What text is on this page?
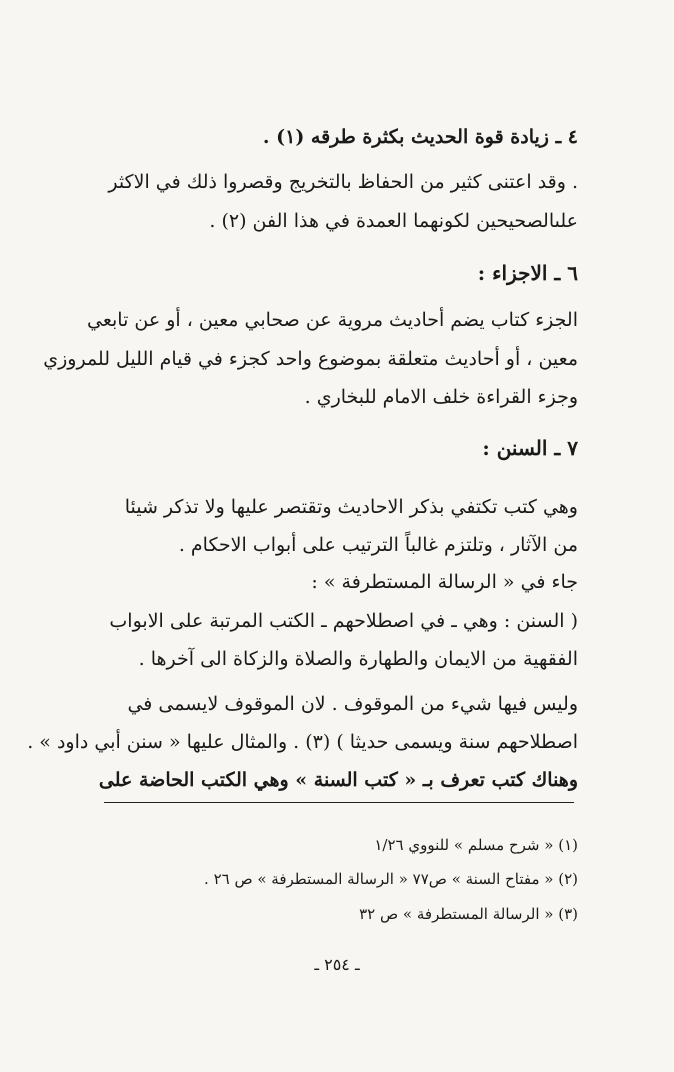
٤ ـ زيادة قوة الحديث بكثرة طرقه (١) .
. وقد اعتنى كثير من الحفاظ بالتخريج وقصروا ذلك في الاكثر
علىالصحيحين لكونهما العمدة في هذا الفن (٢) .
٦ ـ الاجزاء :
الجزء كتاب يضم أحاديث مروية عن صحابي معين ، أو عن تابعي
معين ، أو أحاديث متعلقة بموضوع واحد كجزء في قيام الليل للمروزي
وجزء القراءة خلف الامام للبخاري .
٧ ـ السنن :
وهي كتب تكتفي بذكر الاحاديث وتقتصر عليها ولا تذكر شيئا
من الآثار ، وتلتزم غالباً الترتيب على أبواب الاحكام .
جاء في « الرسالة المستطرفة » :
( السنن : وهي ـ في اصطلاحهم ـ الكتب المرتبة على الابواب
الفقهية من الايمان والطهارة والصلاة والزكاة الى آخرها .
وليس فيها شيء من الموقوف . لان الموقوف لايسمى في
اصطلاحهم سنة ويسمى حديثا ) (٣) . والمثال عليها « سنن أبي داود » .
وهناك كتب تعرف بـ « كتب السنة » وهي الكتب الحاضة على
(١) « شرح مسلم » للنووي ١/٢٦
(٢) « مفتاح السنة » ص٧٧ « الرسالة المستطرفة » ص ٢٦ .
(٣) « الرسالة المستطرفة » ص ٣٢
ـ ٢٥٤ ـ
